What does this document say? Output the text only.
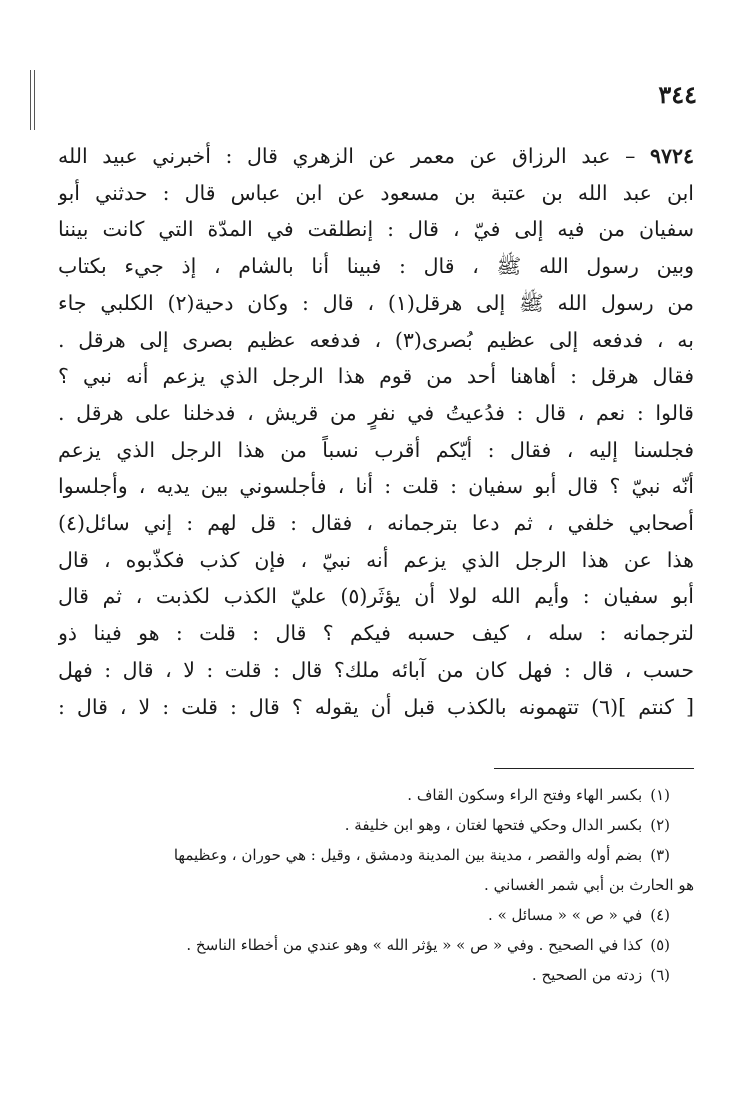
٣٤٤
٩٧٢٤ – عبد الرزاق عن معمر عن الزهري قال : أخبرني عبيد الله
ابن عبد الله بن عتبة بن مسعود عن ابن عباس قال : حدثني أبو
سفيان من فيه إلى فيّ ، قال : إنطلقت في المدّة التي كانت بيننا
وبين رسول الله ﷺ ، قال : فبينا أنا بالشام ، إذ جيء بكتاب
من رسول الله ﷺ إلى هرقل(١) ، قال : وكان دحية(٢) الكلبي جاء
به ، فدفعه إلى عظيم بُصرى(٣) ، فدفعه عظيم بصرى إلى هرقل .
فقال هرقل : أهاهنا أحد من قوم هذا الرجل الذي يزعم أنه نبي ؟
قالوا : نعم ، قال : فدُعيتُ في نفرٍ من قريش ، فدخلنا على هرقل .
فجلسنا إليه ، فقال : أيّكم أقرب نسباً من هذا الرجل الذي يزعم
أنّه نبيّ ؟ قال أبو سفيان : قلت : أنا ، فأجلسوني بين يديه ، وأجلسوا
أصحابي خلفي ، ثم دعا بترجمانه ، فقال : قل لهم : إني سائل(٤)
هذا عن هذا الرجل الذي يزعم أنه نبيّ ، فإن كذب فكذّبوه ، قال
أبو سفيان : وأيم الله لولا أن يؤثَر(٥) عليّ الكذب لكذبت ، ثم قال
لترجمانه : سله ، كيف حسبه فيكم ؟ قال : قلت : هو فينا ذو
حسب ، قال : فهل كان من آبائه ملك؟ قال : قلت : لا ، قال : فهل
[ كنتم ](٦) تتهمونه بالكذب قبل أن يقوله ؟ قال : قلت : لا ، قال :
(١)بكسر الهاء وفتح الراء وسكون القاف .
(٢)بكسر الدال وحكي فتحها لغتان ، وهو ابن خليفة .
(٣)بضم أوله والقصر ، مدينة بين المدينة ودمشق ، وقيل : هي حوران ، وعظيمها
هو الحارث بن أبي شمر الغساني .
(٤)في « ص » « مسائل » .
(٥)كذا في الصحيح . وفي « ص » « يؤثر الله » وهو عندي من أخطاء الناسخ .
(٦)زدته من الصحيح .
